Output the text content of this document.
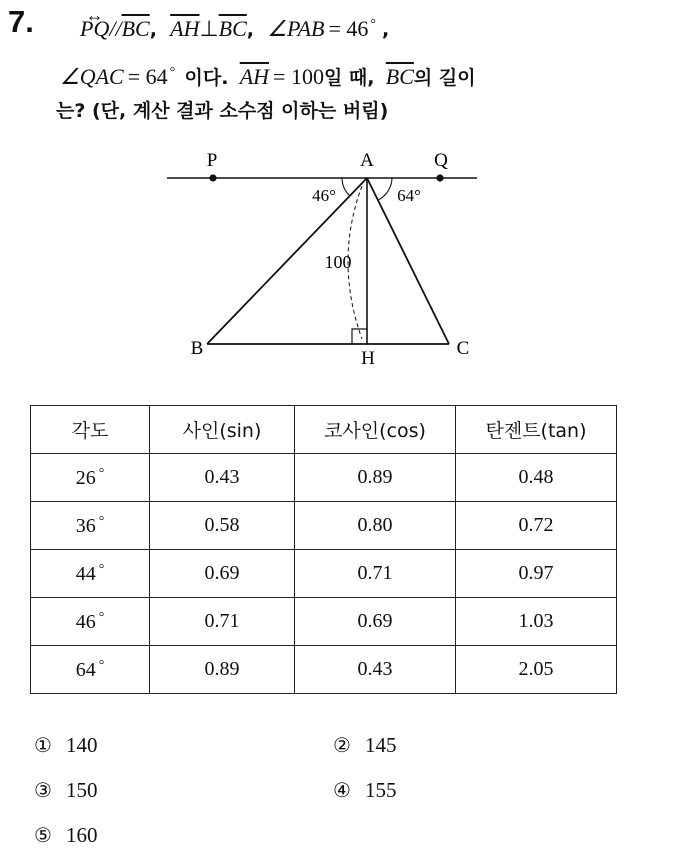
7. ↔ $PQ//\overline{BC}$, $\overline{AH}\perp\overline{BC}$, ∠PAB = 46 ° ,
∠QAC = 64 ° 이다. $\overline{AH} = 100$일 때, $\overline{BC}$의 길이
는? (단, 계산 결과 소수점 이하는 버림)
P	A	Q
B	H	C
46°	64°
100
각도	사인(sin)	코사인(cos)	탄젠트(tan)
26 °	0.43	0.89	0.48
36 °	0.58	0.80	0.72
44 °	0.69	0.71	0.97
46 °	0.71	0.69	1.03
64 °	0.89	0.43	2.05
① 140	② 145
③ 150	④ 155
⑤ 160
